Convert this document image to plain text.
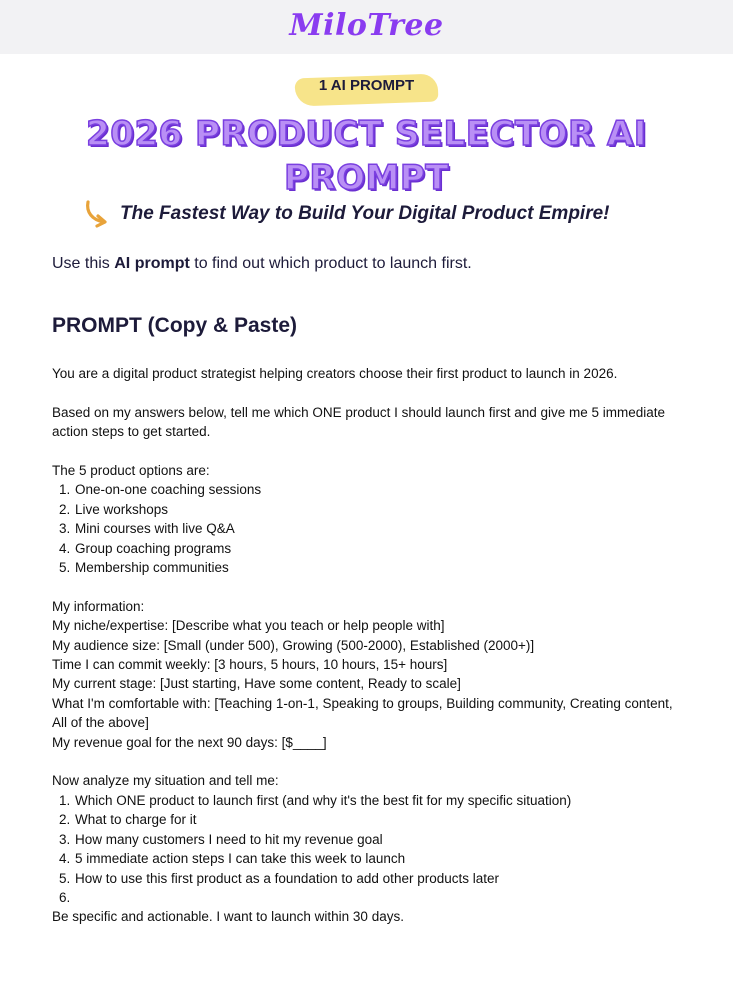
MiloTree
1 AI PROMPT
2026 PRODUCT SELECTOR AI PROMPT
The Fastest Way to Build Your Digital Product Empire!
Use this AI prompt to find out which product to launch first.
PROMPT (Copy & Paste)

You are a digital product strategist helping creators choose their first product to launch in 2026.

Based on my answers below, tell me which ONE product I should launch first and give me 5 immediate action steps to get started.

The 5 product options are:

1. One-on-one coaching sessions
2. Live workshops
3. Mini courses with live Q&A
4. Group coaching programs
5. Membership communities

My information:

My niche/expertise: [Describe what you teach or help people with]

My audience size: [Small (under 500), Growing (500-2000), Established (2000+)]

Time I can commit weekly: [3 hours, 5 hours, 10 hours, 15+ hours]

My current stage: [Just starting, Have some content, Ready to scale]

What I'm comfortable with: [Teaching 1-on-1, Speaking to groups, Building community, Creating content, All of the above]

My revenue goal for the next 90 days: [$____]

Now analyze my situation and tell me:

1. Which ONE product to launch first (and why it's the best fit for my specific situation)
2. What to charge for it
3. How many customers I need to hit my revenue goal
4. 5 immediate action steps I can take this week to launch
5. How to use this first product as a foundation to add other products later
6.

Be specific and actionable. I want to launch within 30 days.
